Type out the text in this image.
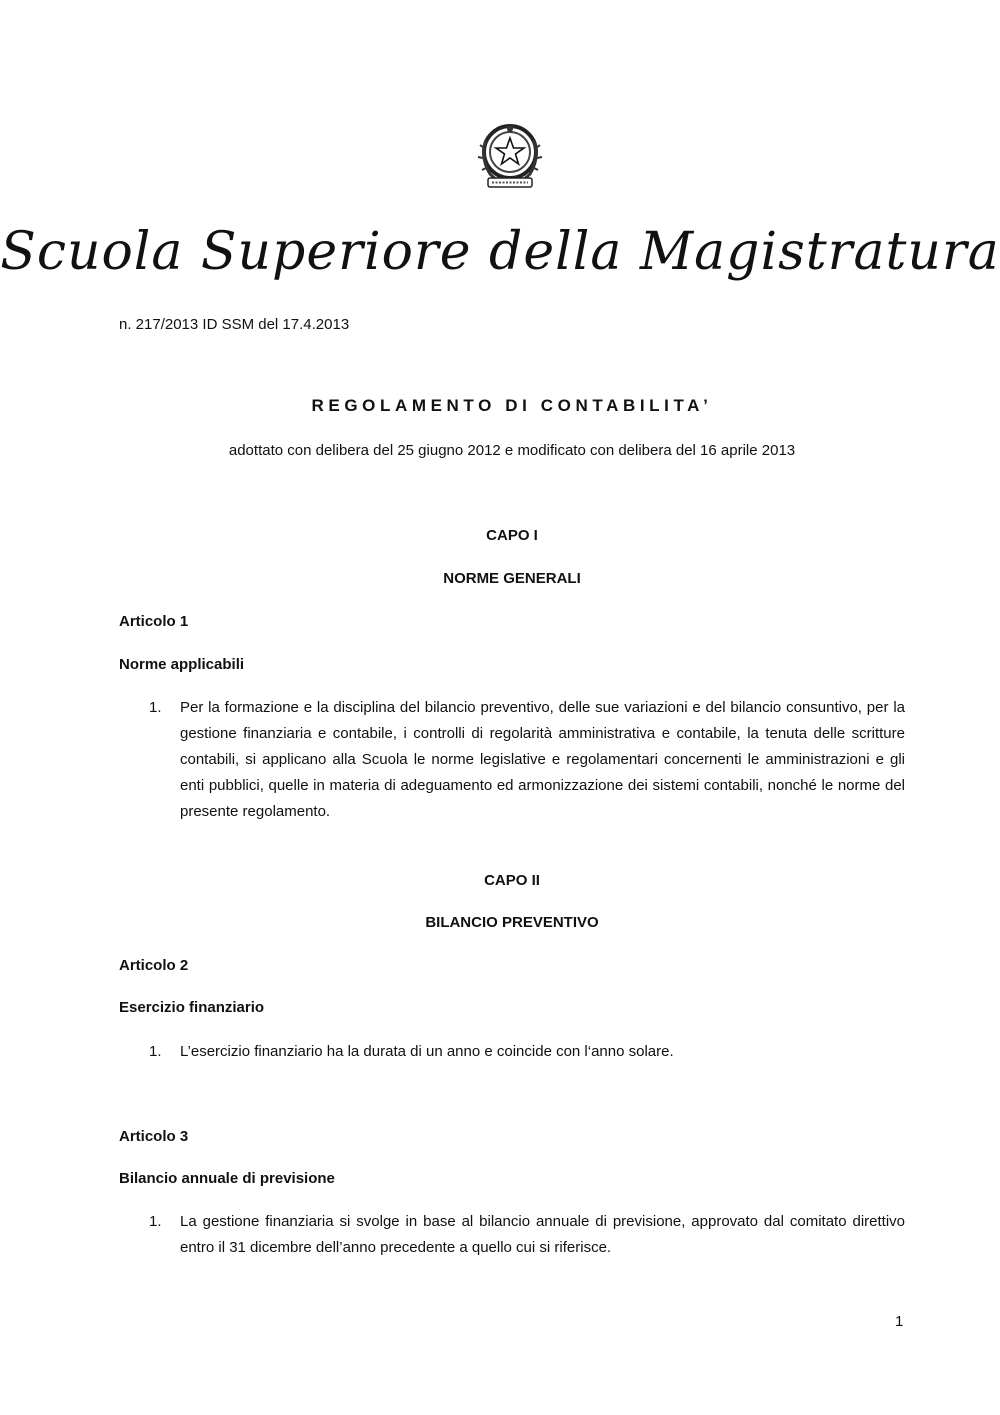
Scuola Superiore della Magistratura
n. 217/2013 ID SSM del 17.4.2013
REGOLAMENTO DI CONTABILITA’
adottato con delibera del 25 giugno 2012 e modificato con delibera del 16 aprile 2013
CAPO I
NORME GENERALI
Articolo 1
Norme applicabili
1. Per la formazione e la disciplina del bilancio preventivo, delle sue variazioni e del bilancio consuntivo, per la gestione finanziaria e contabile, i controlli di regolarità amministrativa e contabile, la tenuta delle scritture contabili, si applicano alla Scuola le norme legislative e regolamentari concernenti le amministrazioni e gli enti pubblici, quelle in materia di adeguamento ed armonizzazione dei sistemi contabili, nonché le norme del presente regolamento.

CAPO II
BILANCIO PREVENTIVO
Articolo 2
Esercizio finanziario
1. L’esercizio finanziario ha la durata di un anno e coincide con l‘anno solare.

Articolo 3
Bilancio annuale di previsione
1. La gestione finanziaria si svolge in base al bilancio annuale di previsione, approvato dal comitato direttivo entro il 31 dicembre dell’anno precedente a quello cui si riferisce.

1
